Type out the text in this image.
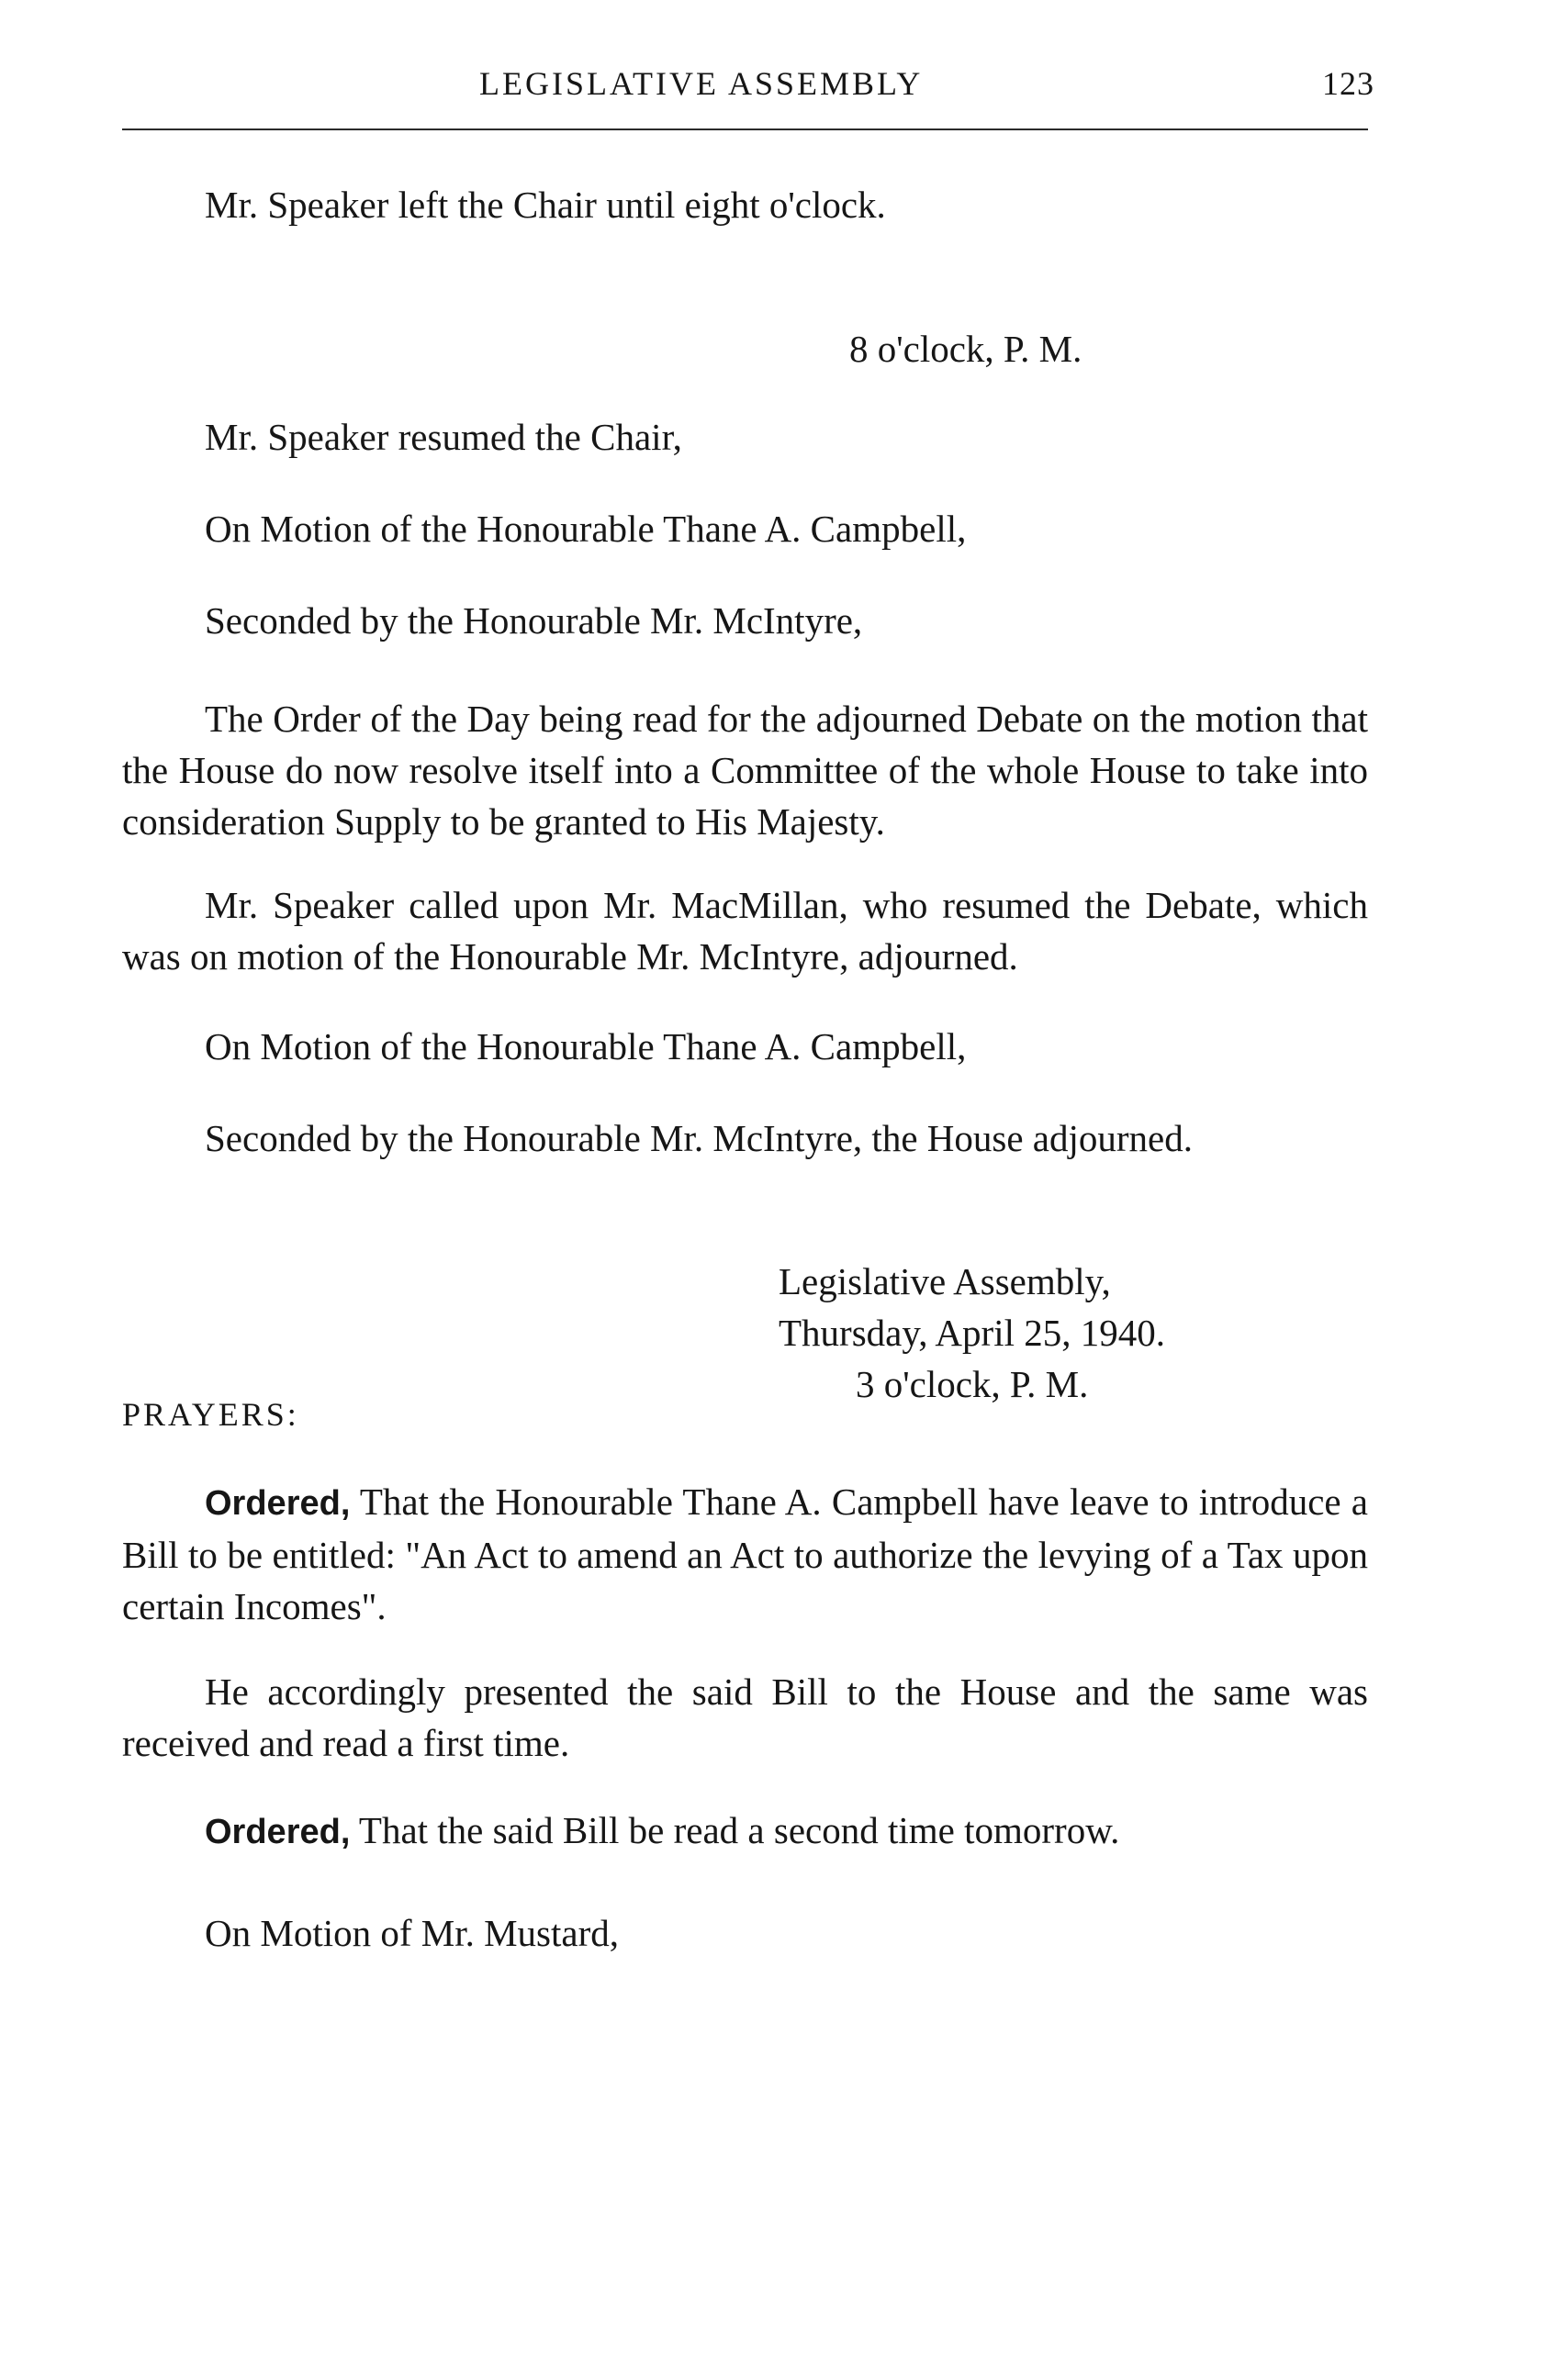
LEGISLATIVE ASSEMBLY	123

Mr. Speaker left the Chair until eight o'clock.

8 o'clock, P. M.

Mr. Speaker resumed the Chair,

On Motion of the Honourable Thane A. Campbell,

Seconded by the Honourable Mr. McIntyre,

The Order of the Day being read for the adjourned Debate on the motion that the House do now resolve itself into a Committee of the whole House to take into consideration Supply to be granted to His Majesty.

Mr. Speaker called upon Mr. MacMillan, who resumed the Debate, which was on motion of the Honourable Mr. McIntyre, adjourned.

On Motion of the Honourable Thane A. Campbell,

Seconded by the Honourable Mr. McIntyre, the House adjourned.

Legislative Assembly,
Thursday, April 25, 1940.
3 o'clock, P. M.
PRAYERS:

Ordered, That the Honourable Thane A. Campbell have leave to introduce a Bill to be entitled: "An Act to amend an Act to authorize the levying of a Tax upon certain Incomes".

He accordingly presented the said Bill to the House and the same was received and read a first time.

Ordered, That the said Bill be read a second time tomorrow.

On Motion of Mr. Mustard,
